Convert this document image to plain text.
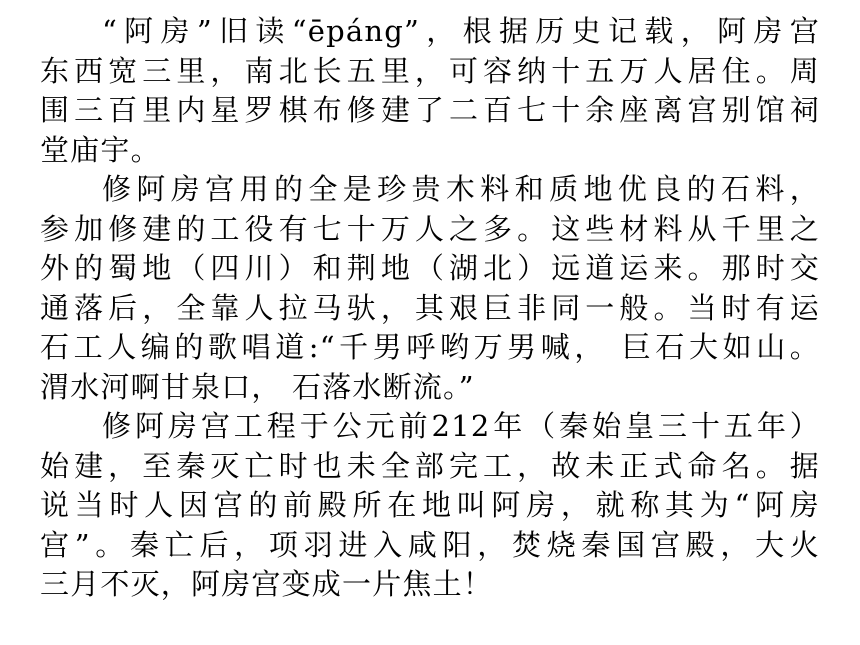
“阿房”旧读“ēpáng”，根据历史记载，阿房宫
东西宽三里，南北长五里，可容纳十五万人居住。周
围三百里内星罗棋布修建了二百七十余座离宫别馆祠
堂庙宇。
修阿房宫用的全是珍贵木料和质地优良的石料，
参加修建的工役有七十万人之多。这些材料从千里之
外的蜀地（四川）和荆地（湖北）远道运来。那时交
通落后，全靠人拉马驮，其艰巨非同一般。当时有运
石工人编的歌唱道:“千男呼哟万男喊， 巨石大如山。
渭水河啊甘泉口， 石落水断流。”
修阿房宫工程于公元前212年（秦始皇三十五年）
始建，至秦灭亡时也未全部完工，故未正式命名。据
说当时人因宫的前殿所在地叫阿房，就称其为“阿房
宫”。秦亡后，项羽进入咸阳，焚烧秦国宫殿，大火
三月不灭，阿房宫变成一片焦土！
